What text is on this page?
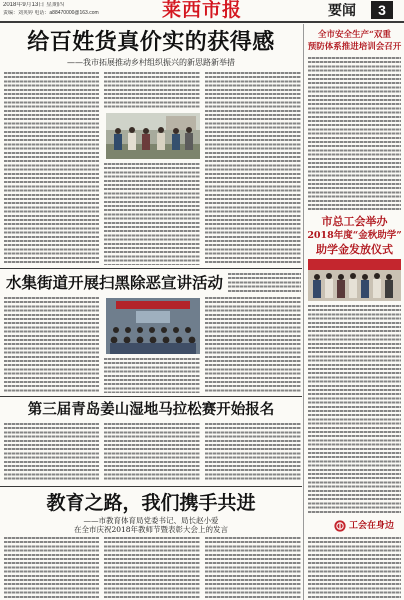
2018年9月13日 星期四
责编：刘英婷 电话：a88470000@163.com	莱西市报	要闻	3
给百姓货真价实的获得感
——我市拓展推动乡村组织振兴的新思路新举措
水集街道开展扫黑除恶宣讲活动
第三届青岛姜山湿地马拉松赛开始报名
教育之路，我们携手共进
——市教育体育局党委书记、局长赵小爱
在全市庆祝2018年教师节暨表彰大会上的发言
全市安全生产“双重
预防体系推进培训会召开
市总工会举办
2018年度“金秋助学”
助学金发放仪式
工会在身边
